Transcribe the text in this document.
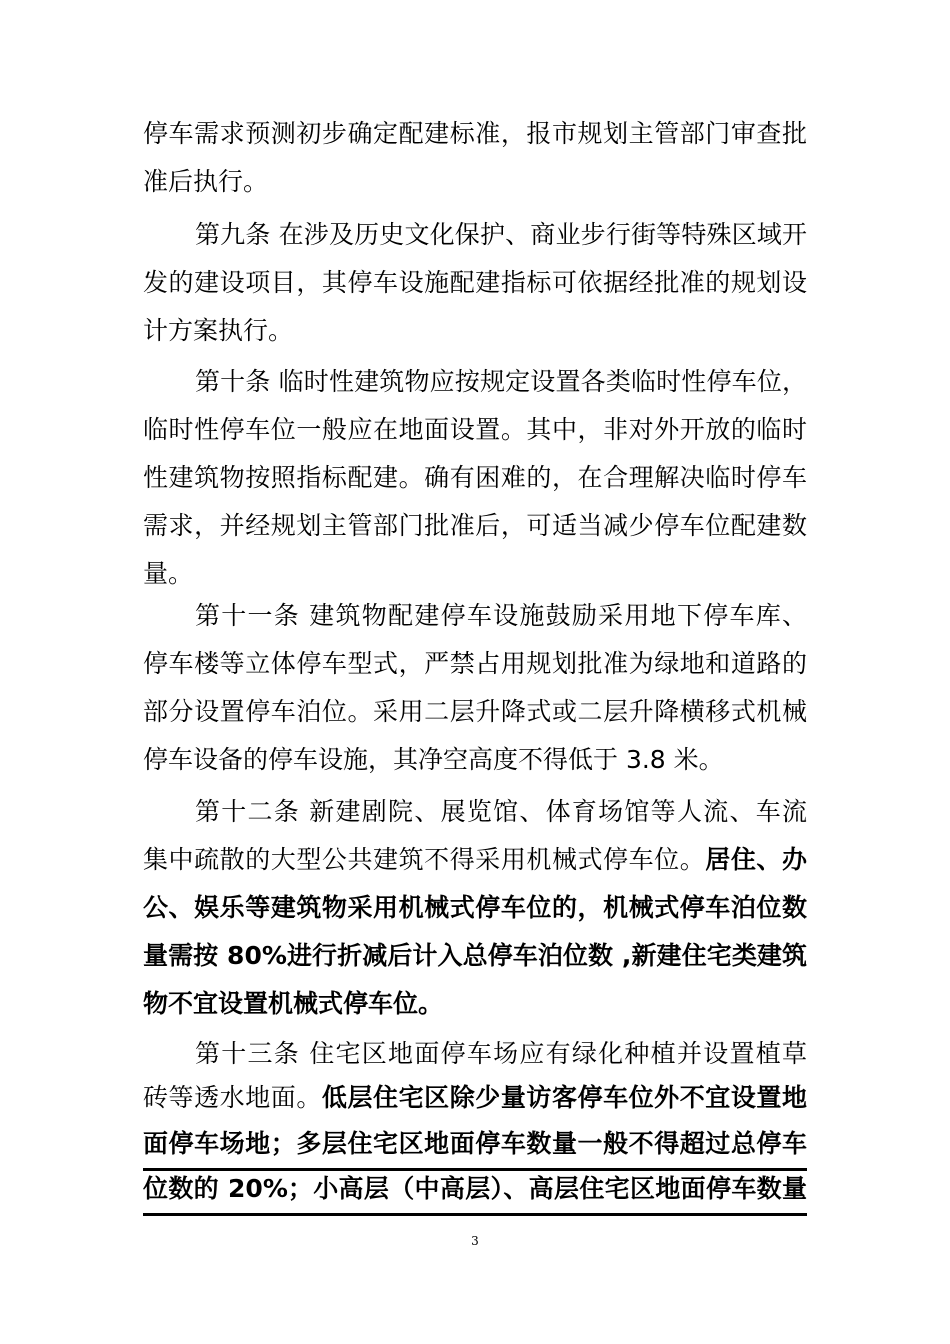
停车需求预测初步确定配建标准，报市规划主管部门审查批
准后执行。
第九条 在涉及历史文化保护、商业步行街等特殊区域开
发的建设项目，其停车设施配建指标可依据经批准的规划设
计方案执行。
第十条 临时性建筑物应按规定设置各类临时性停车位，
临时性停车位一般应在地面设置。其中，非对外开放的临时
性建筑物按照指标配建。确有困难的，在合理解决临时停车
需求，并经规划主管部门批准后，可适当减少停车位配建数
量。
第十一条 建筑物配建停车设施鼓励采用地下停车库、
停车楼等立体停车型式，严禁占用规划批准为绿地和道路的
部分设置停车泊位。采用二层升降式或二层升降横移式机械
停车设备的停车设施，其净空高度不得低于 3.8 米。
第十二条 新建剧院、展览馆、体育场馆等人流、车流
集中疏散的大型公共建筑不得采用机械式停车位。居住、办
公、娱乐等建筑物采用机械式停车位的，机械式停车泊位数
量需按 80%进行折减后计入总停车泊位数 ,新建住宅类建筑
物不宜设置机械式停车位。
第十三条 住宅区地面停车场应有绿化种植并设置植草
砖等透水地面。低层住宅区除少量访客停车位外不宜设置地
面停车场地；多层住宅区地面停车数量一般不得超过总停车
位数的 20%；小高层（中高层）、高层住宅区地面停车数量
3
